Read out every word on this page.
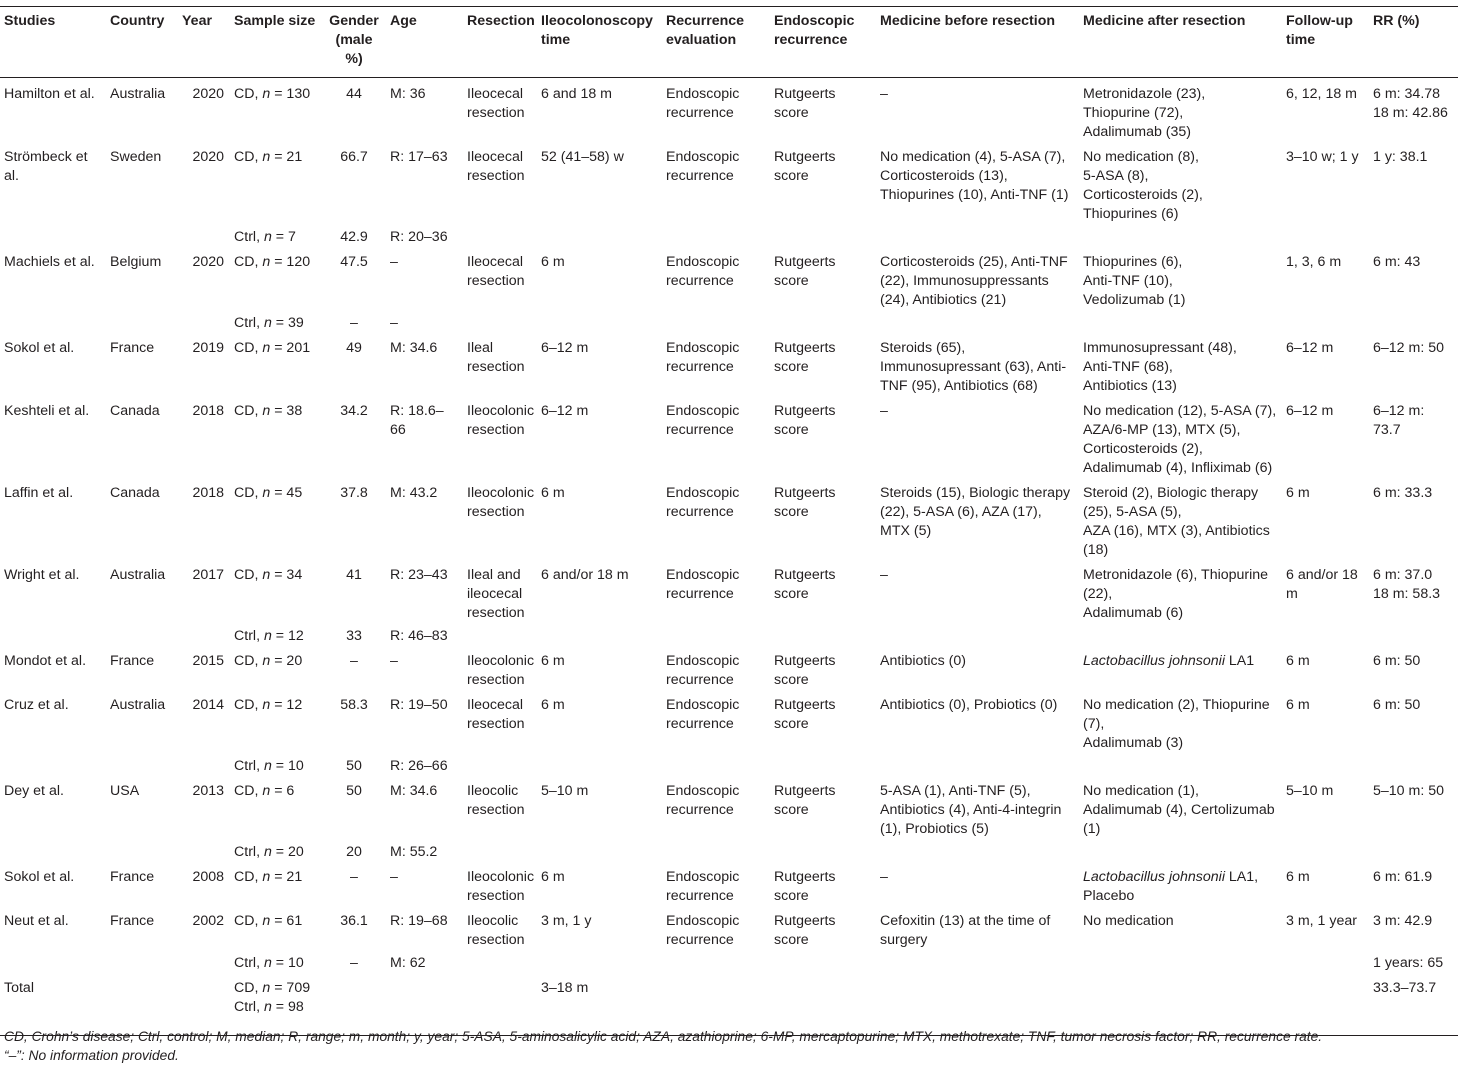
Studies	Country	Year	Sample size	Gender (male %)	Age	Resection	Ileocolonoscopy time	Recurrence evaluation	Endoscopic recurrence	Medicine before resection	Medicine after resection	Follow-up time	RR (%)
Hamilton et al.	Australia	2020	CD, n = 130	44	M: 36	Ileocecal resection	6 and 18 m	Endoscopic recurrence	Rutgeerts score	–	Metronidazole (23),
Thiopurine (72),
Adalimumab (35)	6, 12, 18 m	6 m: 34.78
18 m: 42.86
Strömbeck et al.	Sweden	2020	CD, n = 21	66.7	R: 17–63	Ileocecal resection	52 (41–58) w	Endoscopic recurrence	Rutgeerts score	No medication (4), 5-ASA (7), Corticosteroids (13), Thiopurines (10), Anti-TNF (1)	No medication (8),
5-ASA (8),
Corticosteroids (2),
Thiopurines (6)	3–10 w; 1 y	1 y: 38.1
			Ctrl, n = 7	42.9	R: 20–36								
Machiels et al.	Belgium	2020	CD, n = 120	47.5	–	Ileocecal resection	6 m	Endoscopic recurrence	Rutgeerts score	Corticosteroids (25), Anti-TNF (22), Immunosuppressants (24), Antibiotics (21)	Thiopurines (6),
Anti-TNF (10),
Vedolizumab (1)	1, 3, 6 m	6 m: 43
			Ctrl, n = 39	–	–								
Sokol et al.	France	2019	CD, n = 201	49	M: 34.6	Ileal resection	6–12 m	Endoscopic recurrence	Rutgeerts score	Steroids (65), Immunosupressant (63), Anti-TNF (95), Antibiotics (68)	Immunosupressant (48),
Anti-TNF (68),
Antibiotics (13)	6–12 m	6–12 m: 50
Keshteli et al.	Canada	2018	CD, n = 38	34.2	R: 18.6–66	Ileocolonic resection	6–12 m	Endoscopic recurrence	Rutgeerts score	–	No medication (12), 5-ASA (7), AZA/6-MP (13), MTX (5), Corticosteroids (2), Adalimumab (4), Infliximab (6)	6–12 m	6–12 m: 73.7
Laffin et al.	Canada	2018	CD, n = 45	37.8	M: 43.2	Ileocolonic resection	6 m	Endoscopic recurrence	Rutgeerts score	Steroids (15), Biologic therapy (22), 5-ASA (6), AZA (17), MTX (5)	Steroid (2), Biologic therapy (25), 5-ASA (5),
AZA (16), MTX (3), Antibiotics (18)	6 m	6 m: 33.3
Wright et al.	Australia	2017	CD, n = 34	41	R: 23–43	Ileal and ileocecal resection	6 and/or 18 m	Endoscopic recurrence	Rutgeerts score	–	Metronidazole (6), Thiopurine (22),
Adalimumab (6)	6 and/or 18 m	6 m: 37.0
18 m: 58.3
			Ctrl, n = 12	33	R: 46–83								
Mondot et al.	France	2015	CD, n = 20	–	–	Ileocolonic resection	6 m	Endoscopic recurrence	Rutgeerts score	Antibiotics (0)	Lactobacillus johnsonii LA1	6 m	6 m: 50
Cruz et al.	Australia	2014	CD, n = 12	58.3	R: 19–50	Ileocecal resection	6 m	Endoscopic recurrence	Rutgeerts score	Antibiotics (0), Probiotics (0)	No medication (2), Thiopurine (7),
Adalimumab (3)	6 m	6 m: 50
			Ctrl, n = 10	50	R: 26–66								
Dey et al.	USA	2013	CD, n = 6	50	M: 34.6	Ileocolic resection	5–10 m	Endoscopic recurrence	Rutgeerts score	5-ASA (1), Anti-TNF (5), Antibiotics (4), Anti-4-integrin (1), Probiotics (5)	No medication (1),
Adalimumab (4), Certolizumab (1)	5–10 m	5–10 m: 50
			Ctrl, n = 20	20	M: 55.2								
Sokol et al.	France	2008	CD, n = 21	–	–	Ileocolonic resection	6 m	Endoscopic recurrence	Rutgeerts score	–	Lactobacillus johnsonii LA1,
Placebo	6 m	6 m: 61.9
Neut et al.	France	2002	CD, n = 61	36.1	R: 19–68	Ileocolic resection	3 m, 1 y	Endoscopic recurrence	Rutgeerts score	Cefoxitin (13) at the time of surgery	No medication	3 m, 1 year	3 m: 42.9
			Ctrl, n = 10	–	M: 62								1 years: 65
Total			CD, n = 709 Ctrl, n = 98				3–18 m						33.3–73.7
CD, Crohn’s disease; Ctrl, control; M, median; R, range; m, month; y, year; 5-ASA, 5-aminosalicylic acid; AZA, azathioprine; 6-MP, mercaptopurine; MTX, methotrexate; TNF, tumor necrosis factor; RR, recurrence rate.
“–”: No information provided.
